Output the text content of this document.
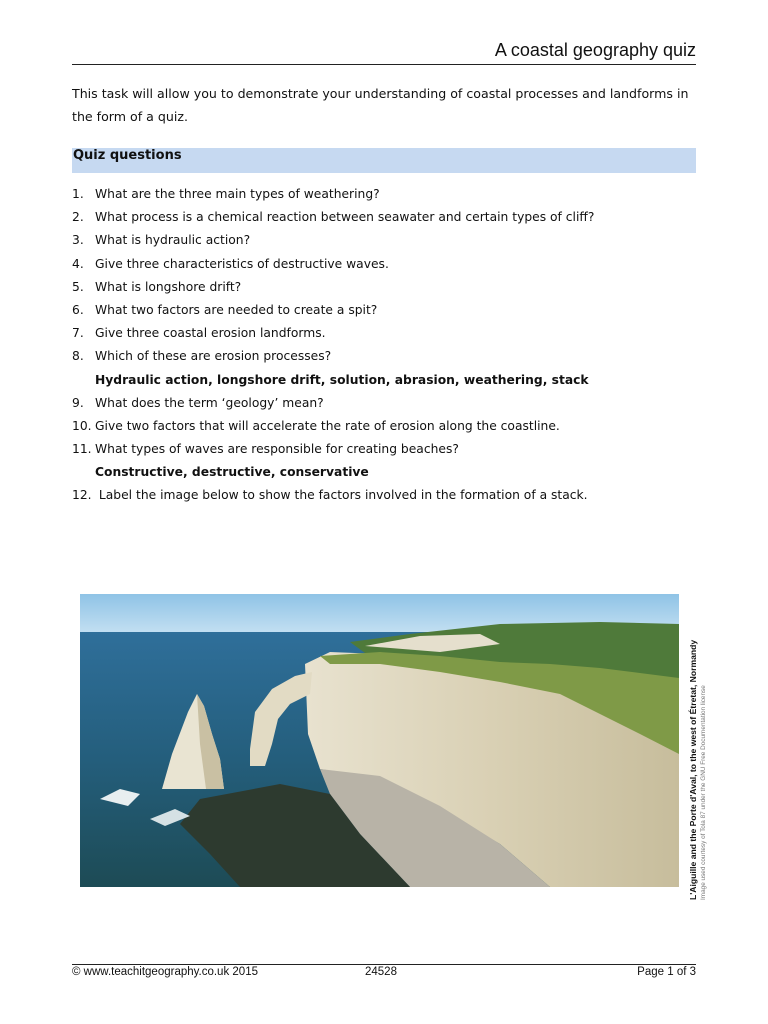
A coastal geography quiz
This task will allow you to demonstrate your understanding of coastal processes and landforms in the form of a quiz.
Quiz questions
1. What are the three main types of weathering?
2. What process is a chemical reaction between seawater and certain types of cliff?
3. What is hydraulic action?
4. Give three characteristics of destructive waves.
5. What is longshore drift?
6. What two factors are needed to create a spit?
7. Give three coastal erosion landforms.
8. Which of these are erosion processes?
Hydraulic action, longshore drift, solution, abrasion, weathering, stack
9. What does the term ‘geology’ mean?
10. Give two factors that will accelerate the rate of erosion along the coastline.
11. What types of waves are responsible for creating beaches?
Constructive, destructive, conservative
12. Label the image below to show the factors involved in the formation of a stack.
L'Aiguille and the Porte d'Aval, to the west of Étretat, Normandy Image used courtesy of Tola 87 under the GNU Free Documentation license
© www.teachitgeography.co.uk 2015	24528	Page 1 of 3
